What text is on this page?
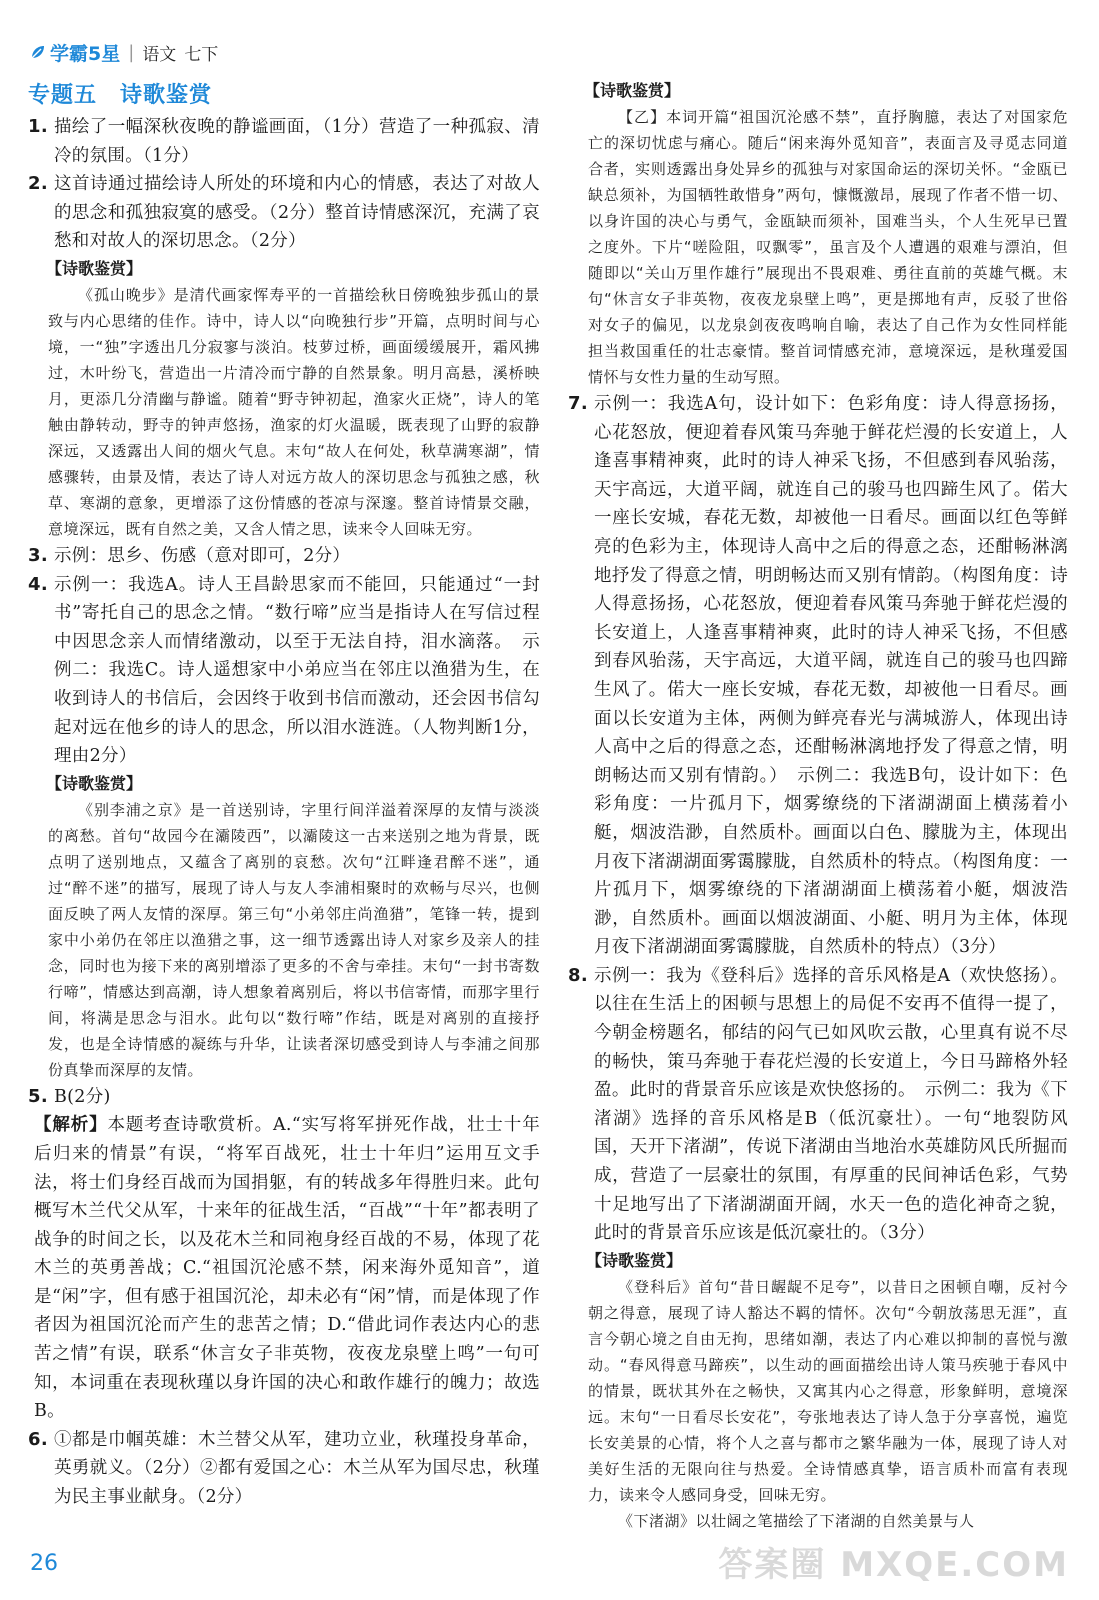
学霸5星 | 语文 七下
专题五　诗歌鉴赏
1. 描绘了一幅深秋夜晚的静谧画面，（1分）营造了一种孤寂、清冷的氛围。（1分）
2. 这首诗通过描绘诗人所处的环境和内心的情感，表达了对故人的思念和孤独寂寞的感受。（2分）整首诗情感深沉，充满了哀愁和对故人的深切思念。（2分）
【诗歌鉴赏】
《孤山晚步》是清代画家恽寿平的一首描绘秋日傍晚独步孤山的景致与内心思绪的佳作。诗中，诗人以“向晚独行步”开篇，点明时间与心境，一“独”字透出几分寂寥与淡泊。枝萝过桥，画面缓缓展开，霜风拂过，木叶纷飞，营造出一片清冷而宁静的自然景象。明月高悬，溪桥映月，更添几分清幽与静谧。随着“野寺钟初起，渔家火正烧”，诗人的笔触由静转动，野寺的钟声悠扬，渔家的灯火温暖，既表现了山野的寂静深远，又透露出人间的烟火气息。末句“故人在何处，秋草满寒湖”，情感骤转，由景及情，表达了诗人对远方故人的深切思念与孤独之感，秋草、寒湖的意象，更增添了这份情感的苍凉与深邃。整首诗情景交融，意境深远，既有自然之美，又含人情之思，读来令人回味无穷。
3. 示例：思乡、伤感（意对即可，2分）
4. 示例一：我选A。诗人王昌龄思家而不能回，只能通过“一封书”寄托自己的思念之情。“数行啼”应当是指诗人在写信过程中因思念亲人而情绪激动，以至于无法自持，泪水滴落。　示例二：我选C。诗人遥想家中小弟应当在邻庄以渔猎为生，在收到诗人的书信后，会因终于收到书信而激动，还会因书信勾起对远在他乡的诗人的思念，所以泪水涟涟。（人物判断1分，理由2分）
【诗歌鉴赏】
《别李浦之京》是一首送别诗，字里行间洋溢着深厚的友情与淡淡的离愁。首句“故园今在灞陵西”，以灞陵这一古来送别之地为背景，既点明了送别地点，又蕴含了离别的哀愁。次句“江畔逢君醉不迷”，通过“醉不迷”的描写，展现了诗人与友人李浦相聚时的欢畅与尽兴，也侧面反映了两人友情的深厚。第三句“小弟邻庄尚渔猎”，笔锋一转，提到家中小弟仍在邻庄以渔猎之事，这一细节透露出诗人对家乡及亲人的挂念，同时也为接下来的离别增添了更多的不舍与牵挂。末句“一封书寄数行啼”，情感达到高潮，诗人想象着离别后，将以书信寄情，而那字里行间，将满是思念与泪水。此句以“数行啼”作结，既是对离别的直接抒发，也是全诗情感的凝练与升华，让读者深切感受到诗人与李浦之间那份真挚而深厚的友情。
5. B(2分)
【解析】本题考查诗歌赏析。A.“实写将军拼死作战，壮士十年后归来的情景”有误，“将军百战死，壮士十年归”运用互文手法，将士们身经百战而为国捐躯，有的转战多年得胜归来。此句概写木兰代父从军，十来年的征战生活，“百战”“十年”都表明了战争的时间之长，以及花木兰和同袍身经百战的不易，体现了花木兰的英勇善战；C.“祖国沉沦感不禁，闲来海外觅知音”，道是“闲”字，但有感于祖国沉沦，却未必有“闲”情，而是体现了作者因为祖国沉沦而产生的悲苦之情；D.“借此词作表达内心的悲苦之情”有误，联系“休言女子非英物，夜夜龙泉壁上鸣”一句可知，本词重在表现秋瑾以身许国的决心和敢作雄行的魄力；故选B。
6. ①都是巾帼英雄：木兰替父从军，建功立业，秋瑾投身革命，英勇就义。（2分）②都有爱国之心：木兰从军为国尽忠，秋瑾为民主事业献身。（2分）
【诗歌鉴赏】
【乙】本词开篇“祖国沉沦感不禁”，直抒胸臆，表达了对国家危亡的深切忧虑与痛心。随后“闲来海外觅知音”，表面言及寻觅志同道合者，实则透露出身处异乡的孤独与对家国命运的深切关怀。“金瓯已缺总须补，为国牺牲敢惜身”两句，慷慨激昂，展现了作者不惜一切、以身许国的决心与勇气，金瓯缺而须补，国难当头，个人生死早已置之度外。下片“嗟险阻，叹飘零”，虽言及个人遭遇的艰难与漂泊，但随即以“关山万里作雄行”展现出不畏艰难、勇往直前的英雄气概。末句“休言女子非英物，夜夜龙泉壁上鸣”，更是掷地有声，反驳了世俗对女子的偏见，以龙泉剑夜夜鸣响自喻，表达了自己作为女性同样能担当救国重任的壮志豪情。整首词情感充沛，意境深远，是秋瑾爱国情怀与女性力量的生动写照。
7. 示例一：我选A句，设计如下：色彩角度：诗人得意扬扬，心花怒放，便迎着春风策马奔驰于鲜花烂漫的长安道上，人逢喜事精神爽，此时的诗人神采飞扬，不但感到春风骀荡，天宇高远，大道平阔，就连自己的骏马也四蹄生风了。偌大一座长安城，春花无数，却被他一日看尽。画面以红色等鲜亮的色彩为主，体现诗人高中之后的得意之态，还酣畅淋漓地抒发了得意之情，明朗畅达而又别有情韵。（构图角度：诗人得意扬扬，心花怒放，便迎着春风策马奔驰于鲜花烂漫的长安道上，人逢喜事精神爽，此时的诗人神采飞扬，不但感到春风骀荡，天宇高远，大道平阔，就连自己的骏马也四蹄生风了。偌大一座长安城，春花无数，却被他一日看尽。画面以长安道为主体，两侧为鲜亮春光与满城游人，体现出诗人高中之后的得意之态，还酣畅淋漓地抒发了得意之情，明朗畅达而又别有情韵。）　示例二：我选B句，设计如下：色彩角度：一片孤月下，烟雾缭绕的下渚湖湖面上横荡着小艇，烟波浩渺，自然质朴。画面以白色、朦胧为主，体现出月夜下渚湖湖面雾霭朦胧，自然质朴的特点。（构图角度：一片孤月下，烟雾缭绕的下渚湖湖面上横荡着小艇，烟波浩渺，自然质朴。画面以烟波湖面、小艇、明月为主体，体现月夜下渚湖湖面雾霭朦胧，自然质朴的特点）（3分）
8. 示例一：我为《登科后》选择的音乐风格是A（欢快悠扬）。以往在生活上的困顿与思想上的局促不安再不值得一提了，今朝金榜题名，郁结的闷气已如风吹云散，心里真有说不尽的畅快，策马奔驰于春花烂漫的长安道上，今日马蹄格外轻盈。此时的背景音乐应该是欢快悠扬的。　示例二：我为《下渚湖》选择的音乐风格是B（低沉豪壮）。一句“地裂防风国，天开下渚湖”，传说下渚湖由当地治水英雄防风氏所掘而成，营造了一层豪壮的氛围，有厚重的民间神话色彩，气势十足地写出了下渚湖湖面开阔，水天一色的造化神奇之貌，此时的背景音乐应该是低沉豪壮的。（3分）
【诗歌鉴赏】
《登科后》首句“昔日龌龊不足夸”，以昔日之困顿自嘲，反衬今朝之得意，展现了诗人豁达不羁的情怀。次句“今朝放荡思无涯”，直言今朝心境之自由无拘，思绪如潮，表达了内心难以抑制的喜悦与激动。“春风得意马蹄疾”，以生动的画面描绘出诗人策马疾驰于春风中的情景，既状其外在之畅快，又寓其内心之得意，形象鲜明，意境深远。末句“一日看尽长安花”，夸张地表达了诗人急于分享喜悦，遍览长安美景的心情，将个人之喜与都市之繁华融为一体，展现了诗人对美好生活的无限向往与热爱。全诗情感真挚，语言质朴而富有表现力，读来令人感同身受，回味无穷。
《下渚湖》以壮阔之笔描绘了下渚湖的自然美景与人
26	答案圈 MXQE.COM
